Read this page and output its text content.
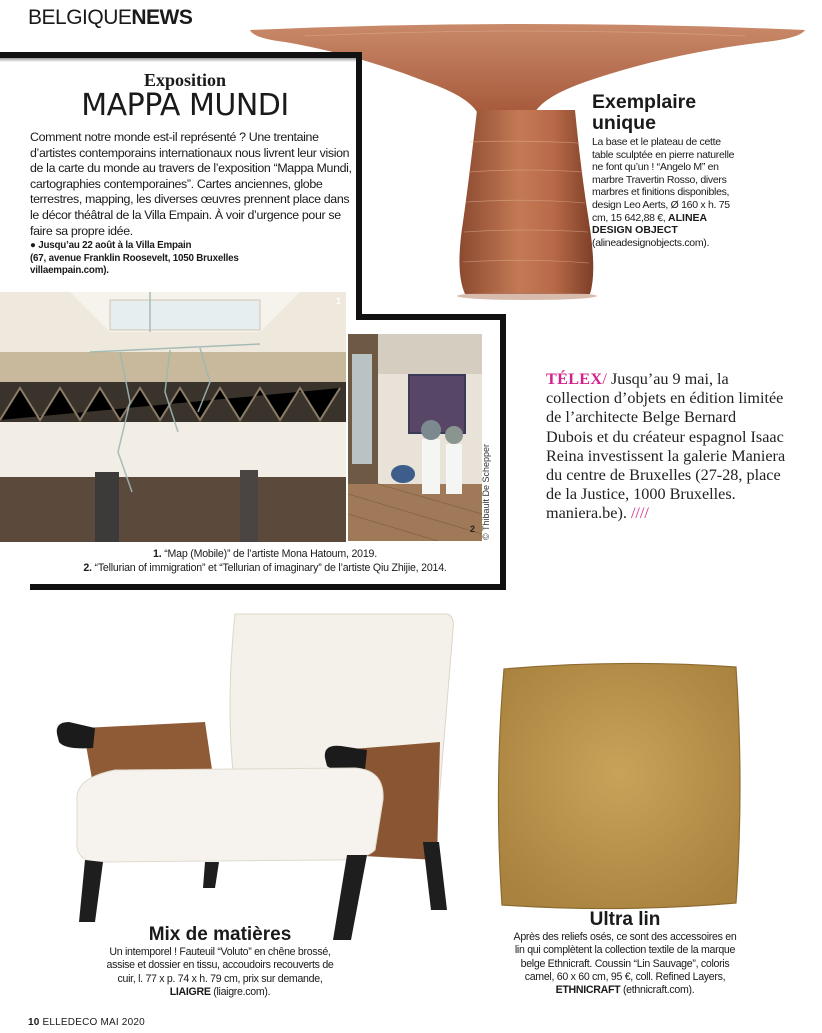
BELGIQUENEWS
Exposition
MAPPA MUNDI
Comment notre monde est-il représenté ? Une trentaine d’artistes contemporains internationaux nous livrent leur vision de la carte du monde au travers de l’exposition “Mappa Mundi, cartographies contemporaines”. Cartes anciennes, globe terrestres, mapping, les diverses œuvres prennent place dans le décor théâtral de la Villa Empain. À voir d’urgence pour se faire sa propre idée.
● Jusqu’au 22 août à la Villa Empain
(67, avenue Franklin Roosevelt, 1050 Bruxelles
villaempain.com).
Exemplaire
unique
La base et le plateau de cette table sculptée en pierre naturelle ne font qu’un ! “Angelo M” en marbre Travertin Rosso, divers marbres et finitions disponibles, design Leo Aerts, Ø 160 x h. 75 cm, 15 642,88 €, ALINEA DESIGN OBJECT (alineadesignobjects.com).
1
2 © Thibault De Schepper
1. “Map (Mobile)” de l’artiste Mona Hatoum, 2019.
2. “Tellurian of immigration” et “Tellurian of imaginary” de l’artiste Qiu Zhijie, 2014.
TÉLEX/ Jusqu’au 9 mai, la collection d’objets en édition limitée de l’architecte Belge Bernard Dubois et du créateur espagnol Isaac Reina investissent la galerie Maniera du centre de Bruxelles (27-28, place de la Justice, 1000 Bruxelles. maniera.be). ////
Mix de matières
Un intemporel ! Fauteuil “Voluto” en chêne brossé, assise et dossier en tissu, accoudoirs recouverts de cuir, l. 77 x p. 74 x h. 79 cm, prix sur demande, LIAIGRE (liaigre.com).
Ultra lin
Après des reliefs osés, ce sont des accessoires en lin qui complètent la collection textile de la marque belge Ethnicraft. Coussin “Lin Sauvage”, coloris camel, 60 x 60 cm, 95 €, coll. Refined Layers, ETHNICRAFT (ethnicraft.com).
10 ELLEDECO MAI 2020
